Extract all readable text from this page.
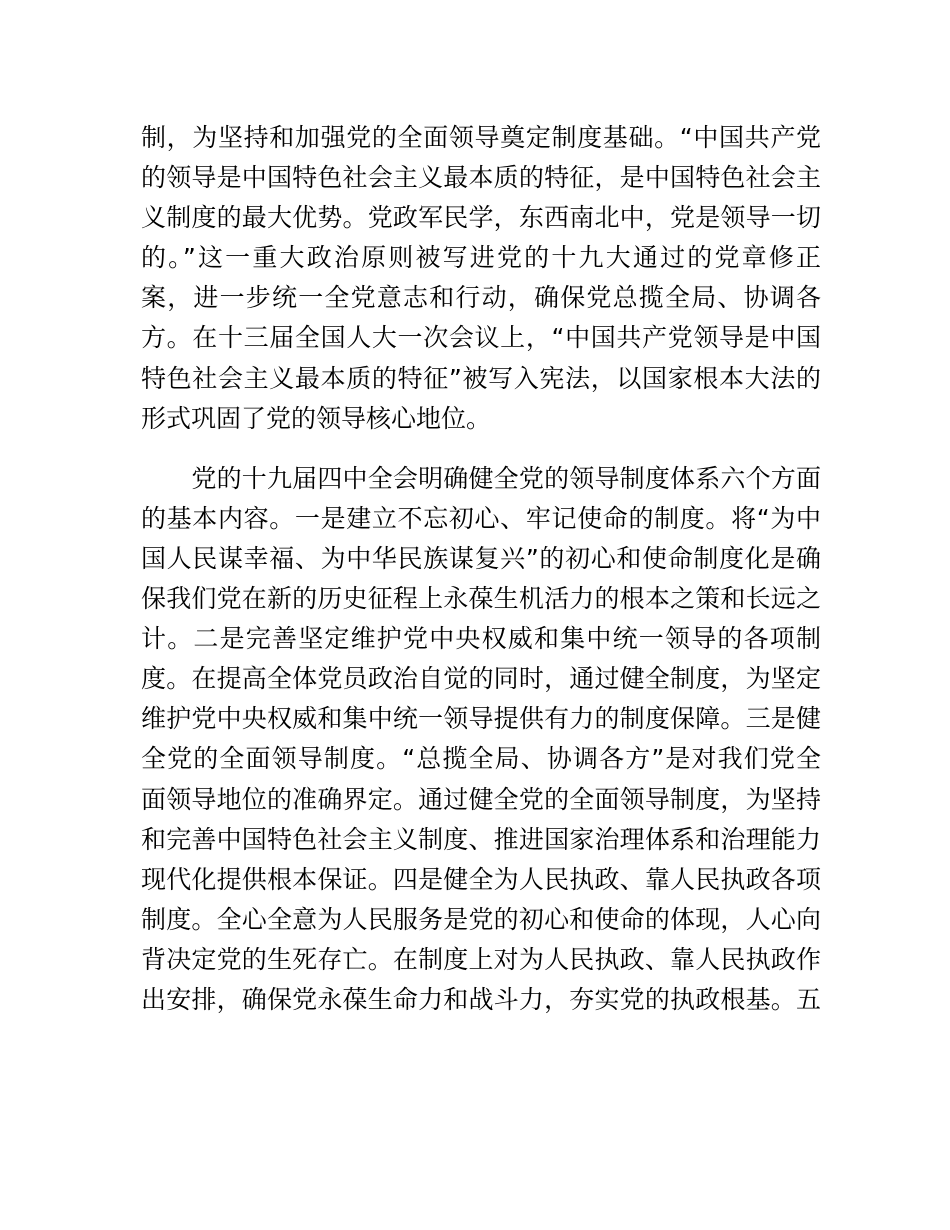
制，为坚持和加强党的全面领导奠定制度基础。“中国共产党
的领导是中国特色社会主义最本质的特征，是中国特色社会主
义制度的最大优势。党政军民学，东西南北中，党是领导一切
的。”这一重大政治原则被写进党的十九大通过的党章修正
案，进一步统一全党意志和行动，确保党总揽全局、协调各
方。在十三届全国人大一次会议上，“中国共产党领导是中国
特色社会主义最本质的特征”被写入宪法，以国家根本大法的
形式巩固了党的领导核心地位。
　　党的十九届四中全会明确健全党的领导制度体系六个方面
的基本内容。一是建立不忘初心、牢记使命的制度。将“为中
国人民谋幸福、为中华民族谋复兴”的初心和使命制度化是确
保我们党在新的历史征程上永葆生机活力的根本之策和长远之
计。二是完善坚定维护党中央权威和集中统一领导的各项制
度。在提高全体党员政治自觉的同时，通过健全制度，为坚定
维护党中央权威和集中统一领导提供有力的制度保障。三是健
全党的全面领导制度。“总揽全局、协调各方”是对我们党全
面领导地位的准确界定。通过健全党的全面领导制度，为坚持
和完善中国特色社会主义制度、推进国家治理体系和治理能力
现代化提供根本保证。四是健全为人民执政、靠人民执政各项
制度。全心全意为人民服务是党的初心和使命的体现，人心向
背决定党的生死存亡。在制度上对为人民执政、靠人民执政作
出安排，确保党永葆生命力和战斗力，夯实党的执政根基。五
